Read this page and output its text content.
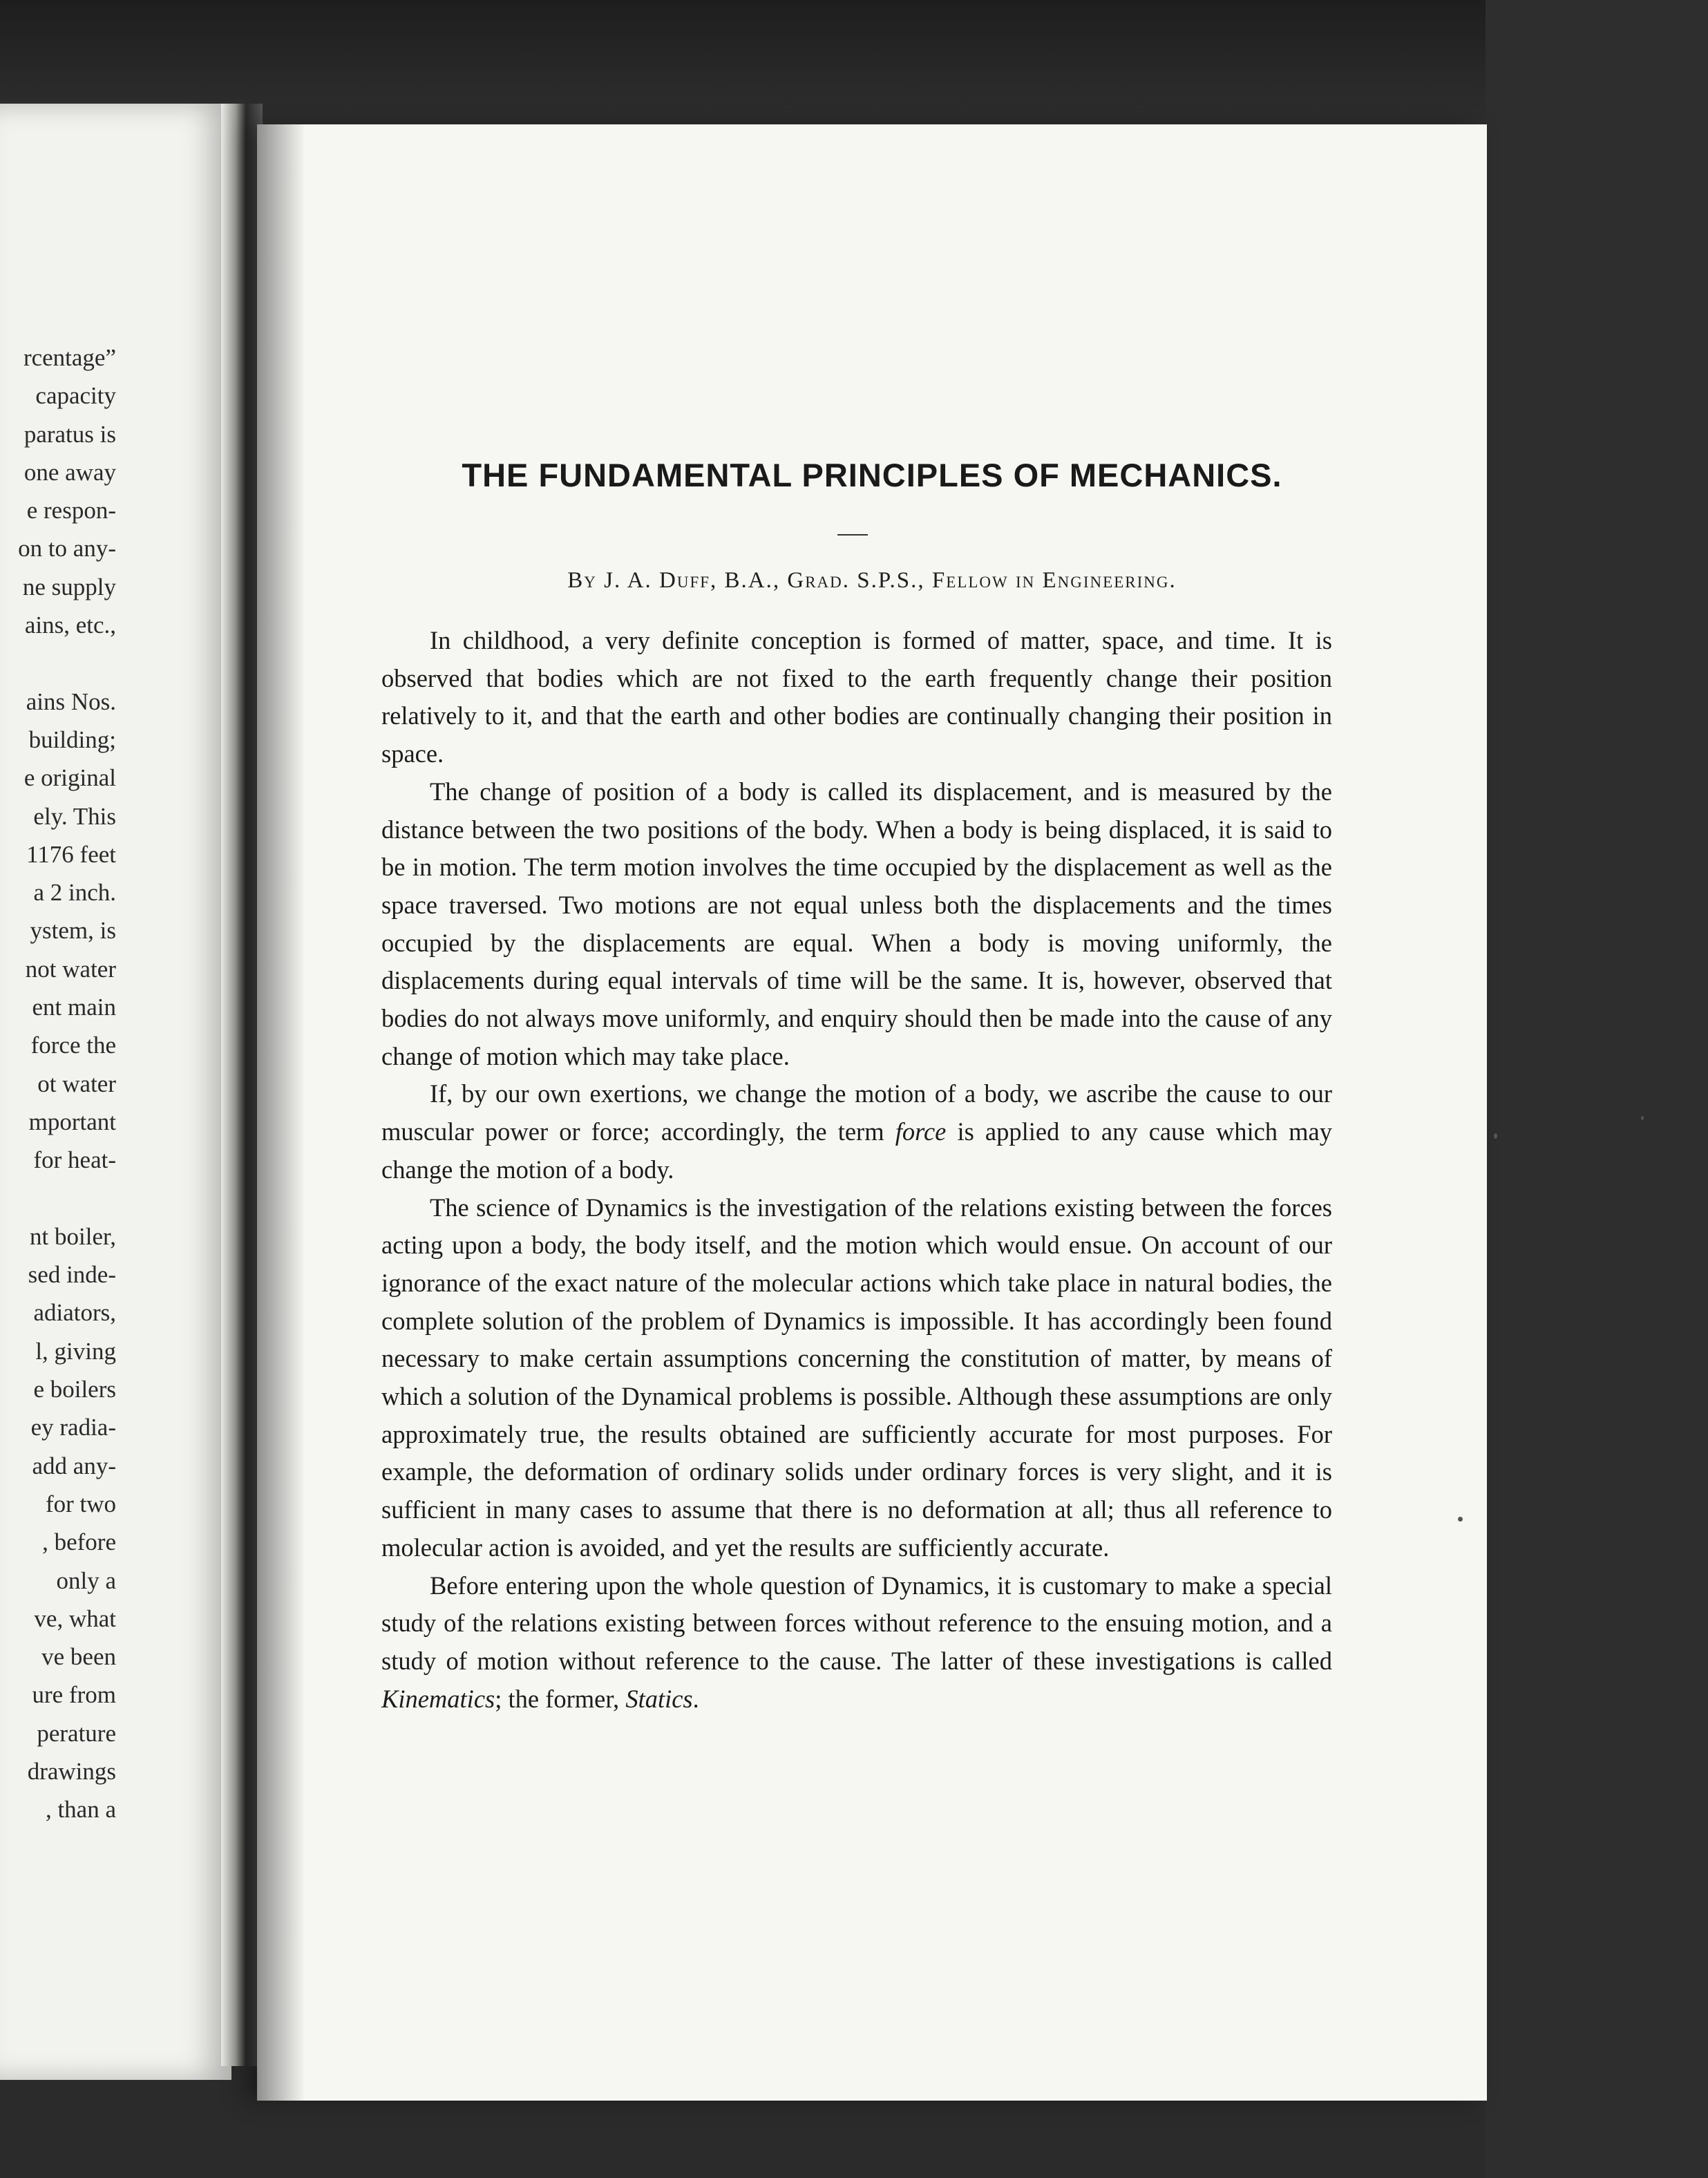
rcentage”
capacity
paratus is
one away
e respon-
on to any-
ne supply
ains, etc.,
ains Nos.
building;
e original
ely. This
1176 feet
a 2 inch.
ystem, is
not water
ent main
force the
ot water
mportant
for heat-
nt boiler,
sed inde-
adiators,
l, giving
e boilers
ey radia-
add any-
for two
, before
only a
ve, what
ve been
ure from
perature
drawings
, than a
THE FUNDAMENTAL PRINCIPLES OF MECHANICS.
By J. A. Duff, B.A., Grad. S.P.S., Fellow in Engineering.

In childhood, a very definite conception is formed of matter, space, and time. It is observed that bodies which are not fixed to the earth frequently change their position relatively to it, and that the earth and other bodies are continually changing their position in space.

The change of position of a body is called its displacement, and is measured by the distance between the two positions of the body. When a body is being displaced, it is said to be in motion. The term motion involves the time occupied by the displacement as well as the space traversed. Two motions are not equal unless both the displacements and the times occupied by the displacements are equal. When a body is moving uniformly, the displacements during equal intervals of time will be the same. It is, however, observed that bodies do not always move uniformly, and enquiry should then be made into the cause of any change of motion which may take place.

If, by our own exertions, we change the motion of a body, we ascribe the cause to our muscular power or force; accordingly, the term force is applied to any cause which may change the motion of a body.

The science of Dynamics is the investigation of the relations existing between the forces acting upon a body, the body itself, and the motion which would ensue. On account of our ignorance of the exact nature of the molecular actions which take place in natural bodies, the complete solution of the problem of Dynamics is impossible. It has accordingly been found necessary to make certain assumptions concerning the constitution of matter, by means of which a solution of the Dynamical problems is possible. Although these assumptions are only approximately true, the results obtained are sufficiently accurate for most purposes. For example, the deformation of ordinary solids under ordinary forces is very slight, and it is sufficient in many cases to assume that there is no deformation at all; thus all reference to molecular action is avoided, and yet the results are sufficiently accurate.

Before entering upon the whole question of Dynamics, it is customary to make a special study of the relations existing between forces without reference to the ensuing motion, and a study of motion without reference to the cause. The latter of these investigations is called Kinematics; the former, Statics.
